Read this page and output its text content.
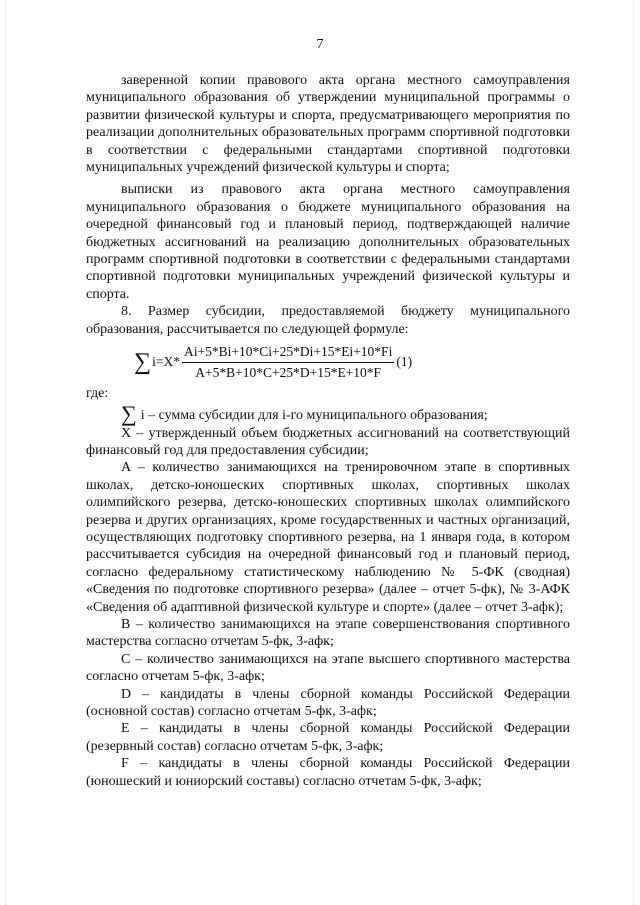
7

заверенной копии правового акта органа местного самоуправления муниципального образования об утверждении муниципальной программы о развитии физической культуры и спорта, предусматривающего мероприятия по реализации дополнительных образовательных программ спортивной подготовки в соответствии с федеральными стандартами спортивной подготовки муниципальных учреждений физической культуры и спорта;

выписки из правового акта органа местного самоуправления муниципального образования о бюджете муниципального образования на очередной финансовый год и плановый период, подтверждающей наличие бюджетных ассигнований на реализацию дополнительных образовательных программ спортивной подготовки в соответствии с федеральными стандартами спортивной подготовки муниципальных учреждений физической культуры и спорта.

8. Размер субсидии, предоставляемой бюджету муниципального образования, рассчитывается по следующей формуле:

∑ $i=X* \frac{Ai+5*Bi+10*Ci+25*Di+15*Ei+10*Fi}{A+5*B+10*C+25*D+15*E+10*F} (1)$

где:

∑ i – сумма субсидии для i-го муниципального образования;

X – утвержденный объем бюджетных ассигнований на соответствующий финансовый год для предоставления субсидии;

A – количество занимающихся на тренировочном этапе в спортивных школах, детско-юношеских спортивных школах, спортивных школах олимпийского резерва, детско-юношеских спортивных школах олимпийского резерва и других организациях, кроме государственных и частных организаций, осуществляющих подготовку спортивного резерва, на 1 января года, в котором рассчитывается субсидия на очередной финансовый год и плановый период, согласно федеральному статистическому наблюдению № 5-ФК (сводная) «Сведения по подготовке спортивного резерва» (далее – отчет 5-фк), № 3-АФК «Сведения об адаптивной физической культуре и спорте» (далее – отчет 3-афк);

B – количество занимающихся на этапе совершенствования спортивного мастерства согласно отчетам 5-фк, 3-афк;

C – количество занимающихся на этапе высшего спортивного мастерства согласно отчетам 5-фк, 3-афк;

D – кандидаты в члены сборной команды Российской Федерации (основной состав) согласно отчетам 5-фк, 3-афк;

E – кандидаты в члены сборной команды Российской Федерации (резервный состав) согласно отчетам 5-фк, 3-афк;

F – кандидаты в члены сборной команды Российской Федерации (юношеский и юниорский составы) согласно отчетам 5-фк, 3-афк;
